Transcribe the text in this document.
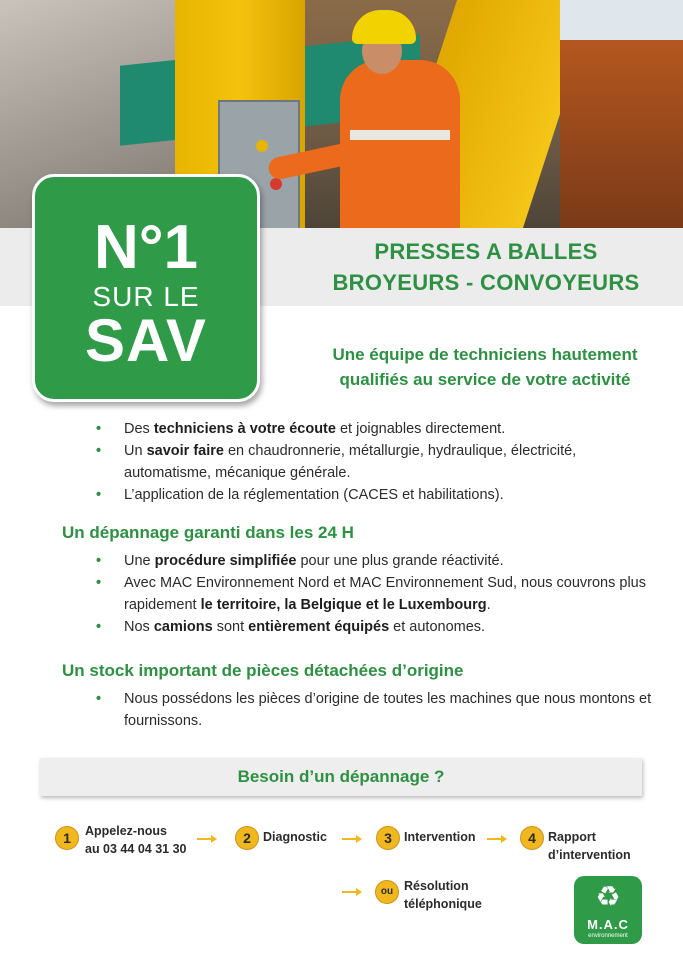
PRESSES A BALLES
BROYEURS - CONVOYEURS
N°1
SUR LE
SAV	Une équipe de techniciens hautement
qualifiés au service de votre activité
• Des techniciens à votre écoute et joignables directement.
• Un savoir faire en chaudronnerie, métallurgie, hydraulique, électricité, automatisme, mécanique générale.
• L’application de la réglementation (CACES et habilitations).
Un dépannage garanti dans les 24 H
• Une procédure simplifiée pour une plus grande réactivité.
• Avec MAC Environnement Nord et MAC Environnement Sud, nous couvrons plus rapidement le territoire, la Belgique et le Luxembourg.
• Nos camions sont entièrement équipés et autonomes.
Un stock important de pièces détachées d’origine
• Nous possédons les pièces d’origine de toutes les machines que nous montons et fournissons.
Besoin d’un dépannage ?
1	Appelez-nous
au 03 44 04 31 30
2 Diagnostic	3 Intervention	4 Rapport
d’intervention
ou Résolution
téléphonique	♻
M.A.C
environnement
